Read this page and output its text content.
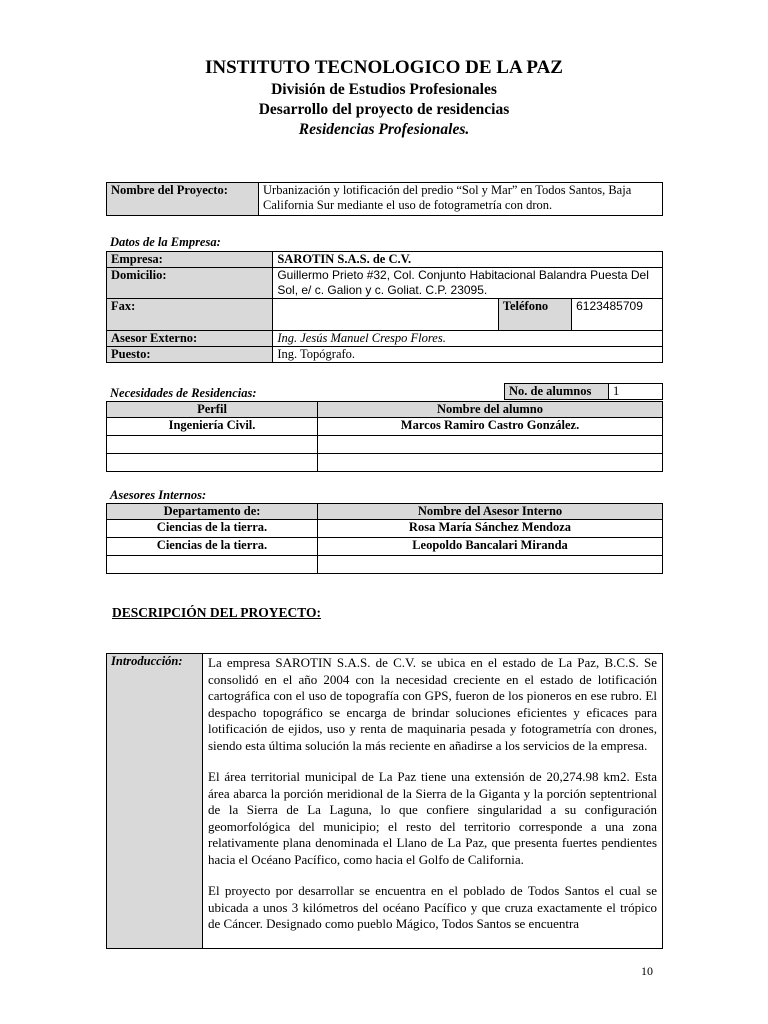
INSTITUTO TECNOLOGICO DE LA PAZ
División de Estudios Profesionales
Desarrollo del proyecto de residencias
Residencias Profesionales.
Nombre del Proyecto:	Urbanización y lotificación del predio “Sol y Mar” en Todos Santos, Baja California Sur mediante el uso de fotogrametría con dron.
Datos de la Empresa:
Empresa:	SAROTIN S.A.S. de C.V.		
Domicilio:	Guillermo Prieto #32, Col. Conjunto Habitacional Balandra Puesta Del Sol, e/ c. Galion y c. Goliat. C.P. 23095.		
Fax:		Teléfono	6123485709

Asesor Externo:	Ing. Jesús Manuel Crespo Flores.		
Puesto:	Ing. Topógrafo.		
Necesidades de Residencias:	No. de alumnos	1
Perfil	Nombre del alumno
Ingeniería Civil.	Marcos Ramiro Castro González.

Asesores Internos:
Departamento de:	Nombre del Asesor Interno
Ciencias de la tierra.	Rosa María Sánchez Mendoza
Ciencias de la tierra.	Leopoldo Bancalari Miranda

DESCRIPCIÓN DEL PROYECTO:
Introducción:	La empresa SAROTIN S.A.S. de C.V. se ubica en el estado de La Paz, B.C.S. Se consolidó en el año 2004 con la necesidad creciente en el estado de lotificación cartográfica con el uso de topografía con GPS, fueron de los pioneros en ese rubro. El despacho topográfico se encarga de brindar soluciones eficientes y eficaces para lotificación de ejidos, uso y renta de maquinaria pesada y fotogrametría con drones, siendo esta última solución la más reciente en añadirse a los servicios de la empresa.

El área territorial municipal de La Paz tiene una extensión de 20,274.98 km2. Esta área abarca la porción meridional de la Sierra de la Giganta y la porción septentrional de la Sierra de La Laguna, lo que confiere singularidad a su configuración geomorfológica del municipio; el resto del territorio corresponde a una zona relativamente plana denominada el Llano de La Paz, que presenta fuertes pendientes hacia el Océano Pacífico, como hacia el Golfo de California.

El proyecto por desarrollar se encuentra en el poblado de Todos Santos el cual se ubicada a unos 3 kilómetros del océano Pacífico y que cruza exactamente el trópico de Cáncer. Designado como pueblo Mágico, Todos Santos se encuentra

10
